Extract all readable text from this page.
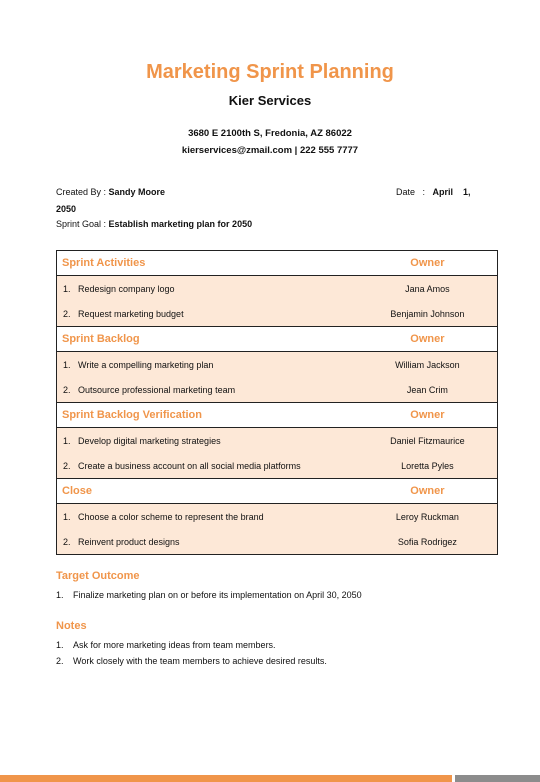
Marketing Sprint Planning
Kier Services
3680 E 2100th S, Fredonia, AZ 86022
kierservices@zmail.com | 222 555 7777
Created By : Sandy Moore	Date   :   April    1,
2050
Sprint Goal : Establish marketing plan for 2050
Sprint Activities	Owner
1. Redesign company logo	Jana Amos
2. Request marketing budget	Benjamin Johnson
Sprint Backlog	Owner
1. Write a compelling marketing plan	William Jackson
2. Outsource professional marketing team	Jean Crim
Sprint Backlog Verification	Owner
1. Develop digital marketing strategies	Daniel Fitzmaurice
2. Create a business account on all social media platforms	Loretta Pyles
Close	Owner
1. Choose a color scheme to represent the brand	Leroy Ruckman
2. Reinvent product designs	Sofia Rodrigez
Target Outcome
1. Finalize marketing plan on or before its implementation on April 30, 2050
Notes
1. Ask for more marketing ideas from team members.
2. Work closely with the team members to achieve desired results.
